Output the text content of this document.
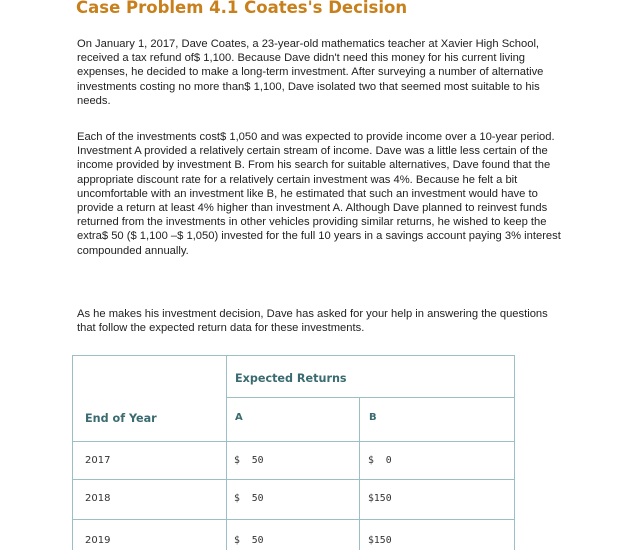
Case Problem 4.1 Coates's Decision

On January 1, 2017, Dave Coates, a 23-year-old mathematics teacher at Xavier High School, received a tax refund of$ 1,100. Because Dave didn't need this money for his current living expenses, he decided to make a long-term investment. After surveying a number of alternative investments costing no more than$ 1,100, Dave isolated two that seemed most suitable to his needs.

Each of the investments cost$ 1,050 and was expected to provide income over a 10-year period. Investment A provided a relatively certain stream of income. Dave was a little less certain of the income provided by investment B. From his search for suitable alternatives, Dave found that the appropriate discount rate for a relatively certain investment was 4%. Because he felt a bit uncomfortable with an investment like B, he estimated that such an investment would have to provide a return at least 4% higher than investment A. Although Dave planned to reinvest funds returned from the investments in other vehicles providing similar returns, he wished to keep the extra$ 50 ($ 1,100 –$ 1,050) invested for the full 10 years in a savings account paying 3% interest compounded annually.

As he makes his investment decision, Dave has asked for your help in answering the questions that follow the expected return data for these investments.

Expected Returns
End of Year	A	B
2017	$  50	$  0
2018	$  50	$150
2019	$  50	$150
